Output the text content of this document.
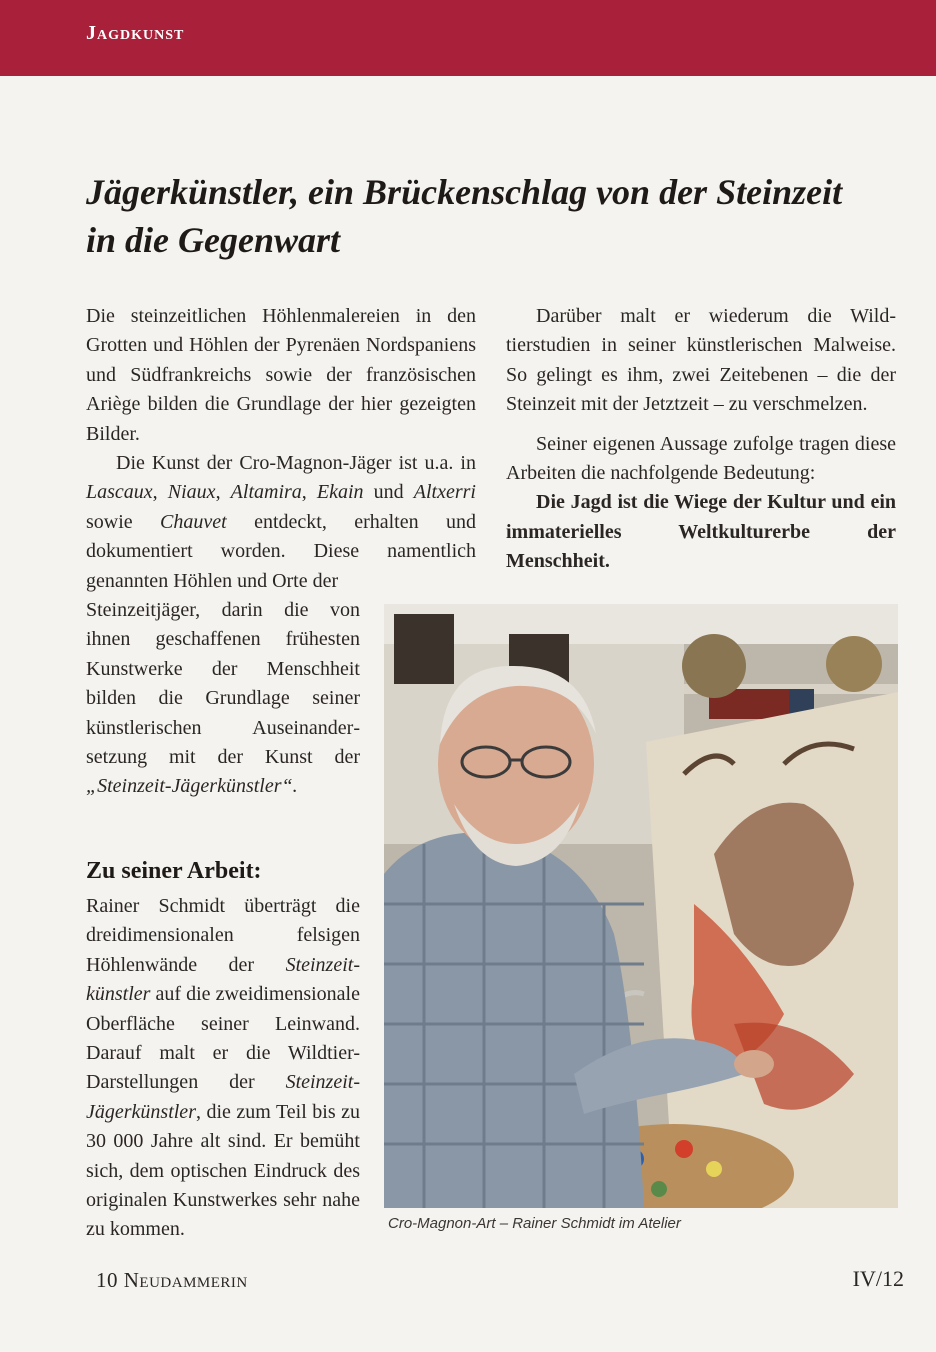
Jagdkunst
Jägerkünstler, ein Brückenschlag von der Steinzeit in die Gegenwart

Die steinzeitlichen Höhlenmalereien in den Grotten und Höhlen der Pyrenäen Nordspaniens und Südfrankreichs sowie der französischen Ariège bilden die Grundlage der hier gezeigten Bilder.

Die Kunst der Cro-Magnon-Jäger ist u.a. in Lascaux, Niaux, Altamira, Ekain und Altxerri sowie Chauvet entdeckt, erhalten und dokumentiert worden. Diese namentlich genannten Höhlen und Orte der

Steinzeitjäger, darin die von ihnen geschaffenen frühesten Kunstwerke der Menschheit bilden die Grundlage seiner künstlerischen Auseinandersetzung mit der Kunst der „Steinzeit-Jägerkünstler“.

Darüber malt er wiederum die Wildtierstudien in seiner künstlerischen Malweise. So gelingt es ihm, zwei Zeitebenen – die der Steinzeit mit der Jetztzeit – zu verschmelzen.

Seiner eigenen Aussage zufolge tragen diese Arbeiten die nachfolgende Bedeutung:

Die Jagd ist die Wiege der Kultur und ein immaterielles Weltkulturerbe der Menschheit.

Zu seiner Arbeit:

Rainer Schmidt überträgt die dreidimensionalen felsigen Höhlenwände der Steinzeitkünstler auf die zweidimensionale Oberfläche seiner Leinwand. Darauf malt er die Wildtier-Darstellungen der Steinzeit-Jägerkünstler, die zum Teil bis zu 30 000 Jahre alt sind. Er bemüht sich, dem optischen Eindruck des originalen Kunstwerkes sehr nahe zu kommen.	Cro-Magnon-Art – Rainer Schmidt im Atelier
10 Neudammerin	IV/12
